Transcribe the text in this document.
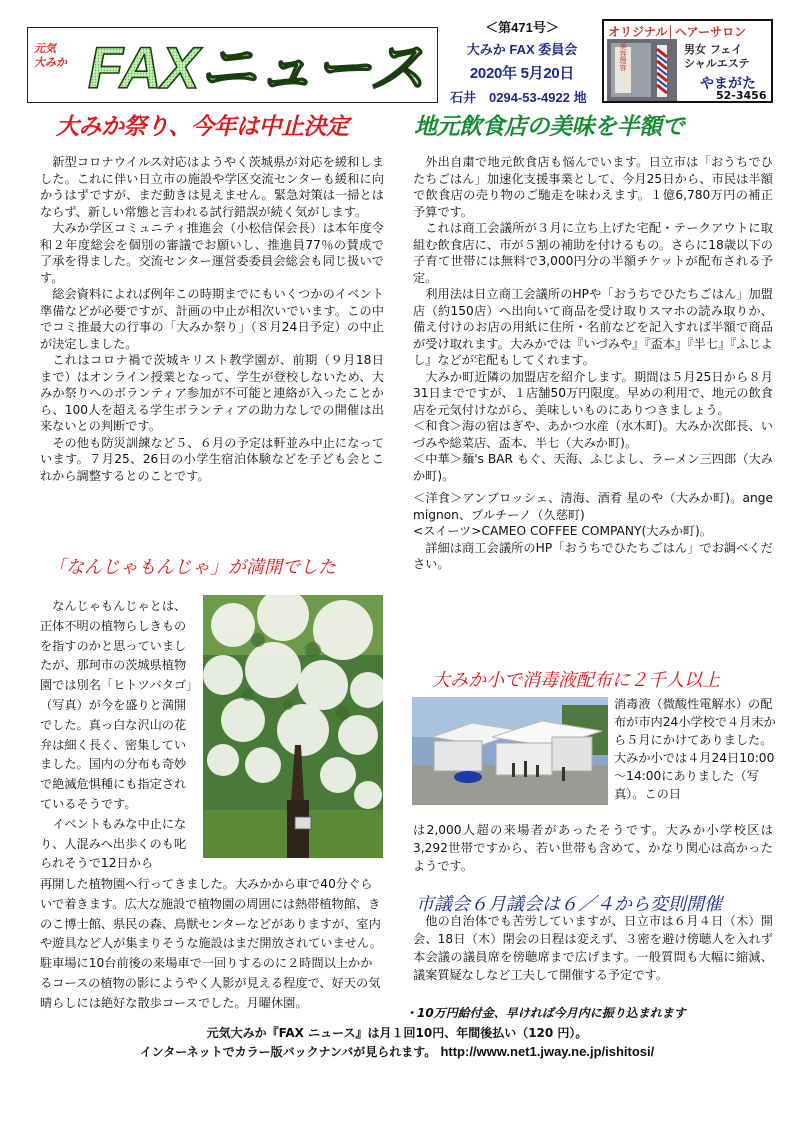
元気
大みか FAXニュース
＜第471号＞
大みか FAX 委員会
2020年 5月20日
石井　0294-53-4922 地
オリジナル│ヘアーサロン
美容理容	男女 フェイ
シャルエステ
やまがた
52-3456
大みか祭り、今年は中止決定	地元飲食店の美味を半額で

新型コロナウイルス対応はようやく茨城県が対応を緩和しました。これに伴い日立市の施設や学区交流センターも緩和に向かうはずですが、まだ動きは見えません。緊急対策は一掃とはならず、新しい常態と言われる試行錯誤が続く気がします。

大みか学区コミュニティ推進会（小松信保会長）は本年度令和２年度総会を個別の審議でお願いし、推進員77％の賛成で了承を得ました。交流センター運営委委員会総会も同じ扱いです。

総会資料によれば例年この時期までにもいくつかのイベント準備などが必要ですが、計画の中止が相次いでいます。この中でコミ推最大の行事の「大みか祭り」（８月24日予定）の中止が決定しました。

これはコロナ禍で茨城キリスト教学園が、前期（９月18日まで）はオンライン授業となって、学生が登校しないため、大みか祭りへのボランティア参加が不可能と連絡が入ったことから、100人を超える学生ボランティアの助力なしでの開催は出来ないとの判断です。

その他も防災訓練など５、６月の予定は軒並み中止になっています。７月25、26日の小学生宿泊体験などを子ども会とこれから調整するとのことです。

「なんじゃもんじゃ」が満開でした

なんじゃもんじゃとは、正体不明の植物らしきものを指すのかと思っていましたが、那珂市の茨城県植物園では別名「ヒトツバタゴ」（写真）が今を盛りと満開でした。真っ白な沢山の花弁は細く長く、密集していました。国内の分布も奇妙で絶滅危惧種にも指定されているそうです。

イベントもみな中止になり、人混みへ出歩くのも叱られそうで12日から

再開した植物園へ行ってきました。大みかから車で40分ぐらいで着きます。広大な施設で植物園の周囲には熱帯植物館、きのこ博士館、県民の森、鳥獣センターなどがありますが、室内や遊具など人が集まりそうな施設はまだ開放されていません。駐車場に10台前後の来場車で一回りするのに２時間以上かかるコースの植物の影にようやく人影が見える程度で、好天の気晴らしには絶好な散歩コースでした。月曜休園。

外出自粛で地元飲食店も悩んでいます。日立市は「おうちでひたちごはん」加速化支援事業として、今月25日から、市民は半額で飲食店の売り物のご馳走を味わえます。１億6,780万円の補正予算です。

これは商工会議所が３月に立ち上げた宅配・テークアウトに取組む飲食店に、市が５割の補助を付けるもの。さらに18歳以下の子育て世帯には無料で3,000円分の半額チケットが配布される予定。

利用法は日立商工会議所のHPや「おうちでひたちごはん」加盟店（約150店）へ出向いて商品を受け取りスマホの読み取りか、備え付けのお店の用紙に住所・名前などを記入すれば半額で商品が受け取れます。大みかでは『いづみや』『盃本』『半七』『ふじよし』などが宅配もしてくれます。

大みか町近隣の加盟店を紹介します。期間は５月25日から８月31日までですが、１店舗50万円限度。早めの利用で、地元の飲食店を元気付けながら、美味しいものにありつきましょう。

＜和食＞海の宿はぎや、あかつ水産（水木町)。大みか次郎長、いづみや総菜店、盃本、半七（大みか町)。

＜中華＞麺's BAR もぐ、天海、ふじよし、ラーメン三四郎（大みか町)。

＜洋食＞アンブロッシェ、清海、酒肴 星のや（大みか町)。ange mignon、プルチーノ（久慈町)

<スイーツ>CAMEO COFFEE COMPANY(大みか町)。

詳細は商工会議所のHP「おうちでひたちごはん」でお調べください。

大みか小で消毒液配布に２千人以上
消毒液（微酸性電解水）の配布が市内24小学校で４月末から５月にかけてありました。大みか小では４月24日10:00～14:00にありました（写真）。この日
は2,000人超の来場者があったそうです。大みか小学校区は3,292世帯ですから、若い世帯も含めて、かなり関心は高かったようです。
市議会６月議会は６／４から変則開催

他の自治体でも苦労していますが、日立市は６月４日（木）開会、18日（木）閉会の日程は変えず、３密を避け傍聴人を入れず本会議の議員席を傍聴席まで広げます。一般質問も大幅に縮減、議案質疑なしなど工夫して開催する予定です。

・10万円給付金、早ければ今月内に振り込まれます
元気大みか『FAX ニュース』は月１回10円、年間後払い（120 円）。
インターネットでカラー版バックナンバが見られます。 http://www.net1.jway.ne.jp/ishitosi/
